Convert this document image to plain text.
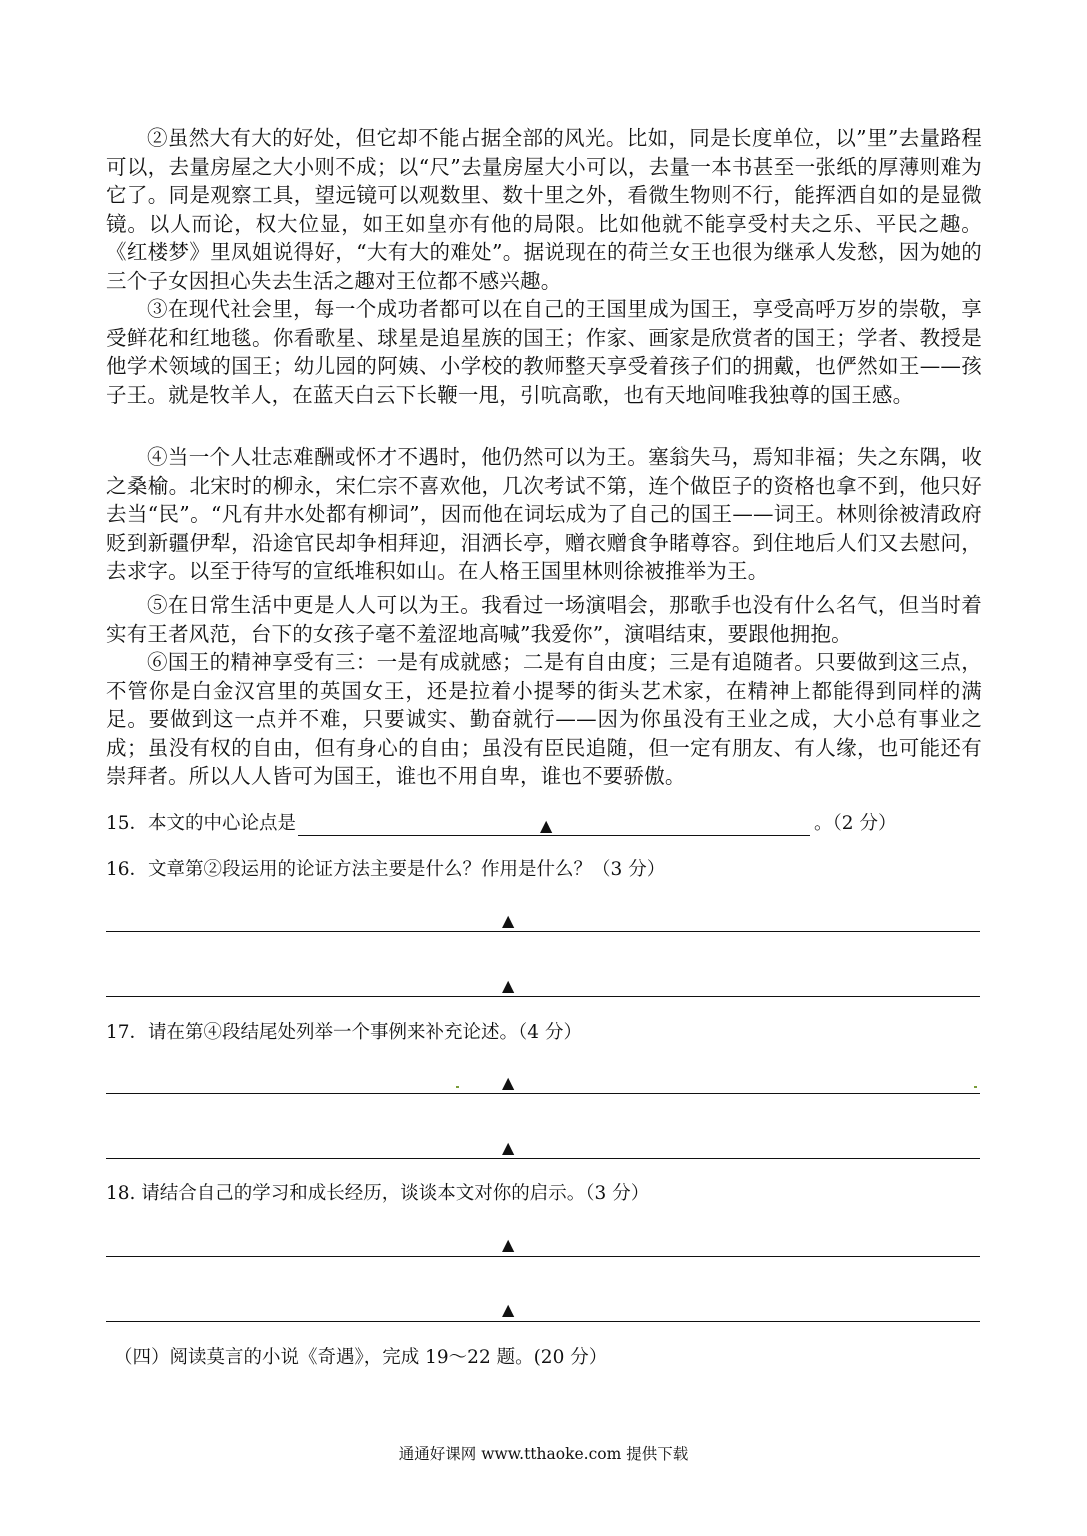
②虽然大有大的好处，但它却不能占据全部的风光。比如，同是长度单位，以”里”去量路程可以，去量房屋之大小则不成；以“尺”去量房屋大小可以，去量一本书甚至一张纸的厚薄则难为它了。同是观察工具，望远镜可以观数里、数十里之外，看微生物则不行，能挥洒自如的是显微镜。以人而论，权大位显，如王如皇亦有他的局限。比如他就不能享受村夫之乐、平民之趣。《红楼梦》里凤姐说得好，“大有大的难处”。据说现在的荷兰女王也很为继承人发愁，因为她的三个子女因担心失去生活之趣对王位都不感兴趣。

③在现代社会里，每一个成功者都可以在自己的王国里成为国王，享受高呼万岁的崇敬，享受鲜花和红地毯。你看歌星、球星是追星族的国王；作家、画家是欣赏者的国王；学者、教授是他学术领域的国王；幼儿园的阿姨、小学校的教师整天享受着孩子们的拥戴，也俨然如王——孩子王。就是牧羊人，在蓝天白云下长鞭一甩，引吭高歌，也有天地间唯我独尊的国王感。

④当一个人壮志难酬或怀才不遇时，他仍然可以为王。塞翁失马，焉知非福；失之东隅，收之桑榆。北宋时的柳永，宋仁宗不喜欢他，几次考试不第，连个做臣子的资格也拿不到，他只好去当“民”。“凡有井水处都有柳词”，因而他在词坛成为了自己的国王——词王。林则徐被清政府贬到新疆伊犁，沿途官民却争相拜迎，泪洒长亭，赠衣赠食争睹尊容。到住地后人们又去慰问，去求字。以至于待写的宣纸堆积如山。在人格王国里林则徐被推举为王。

⑤在日常生活中更是人人可以为王。我看过一场演唱会，那歌手也没有什么名气，但当时着实有王者风范，台下的女孩子毫不羞涩地高喊”我爱你”，演唱结束，要跟他拥抱。

⑥国王的精神享受有三：一是有成就感；二是有自由度；三是有追随者。只要做到这三点，不管你是白金汉宫里的英国女王，还是拉着小提琴的街头艺术家，在精神上都能得到同样的满足。要做到这一点并不难，只要诚实、勤奋就行——因为你虽没有王业之成，大小总有事业之成；虽没有权的自由，但有身心的自由；虽没有臣民追随，但一定有朋友、有人缘，也可能还有崇拜者。所以人人皆可为国王，谁也不用自卑，谁也不要骄傲。

15．本文的中心论点是	▲	。（2 分）
16．文章第②段运用的论证方法主要是什么？作用是什么？（3 分）
▲
▲
17．请在第④段结尾处列举一个事例来补充论述。（4 分）
▲
▲
18. 请结合自己的学习和成长经历，谈谈本文对你的启示。（3 分）
▲
▲
（四）阅读莫言的小说《奇遇》，完成 19～22 题。(20 分）
通通好课网 www.tthaoke.com 提供下载
